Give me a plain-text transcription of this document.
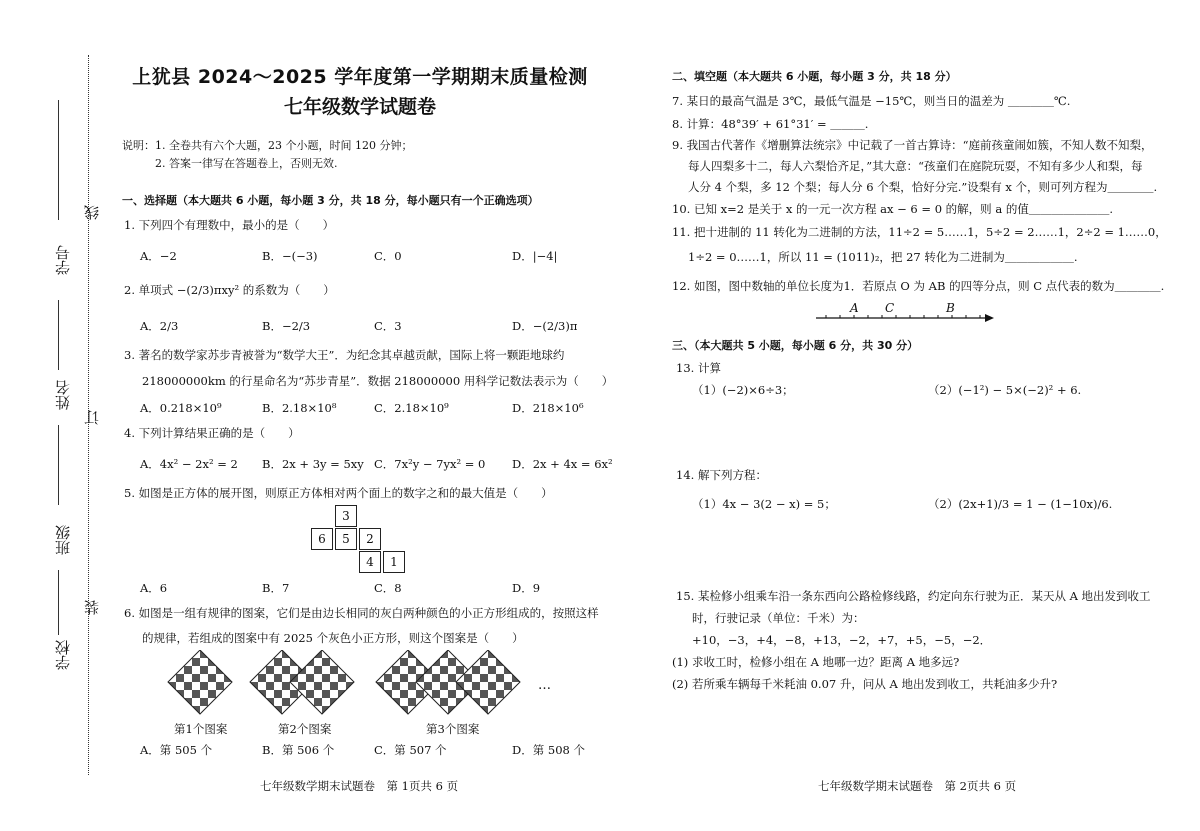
线
订
装
学号
姓名
班级
学校
上犹县 2024～2025 学年度第一学期期末质量检测
七年级数学试题卷
说明：1. 全卷共有六个大题，23 个小题，时间 120 分钟；
2. 答案一律写在答题卷上，否则无效.
一、选择题（本大题共 6 小题，每小题 3 分，共 18 分，每小题只有一个正确选项）
1. 下列四个有理数中，最小的是（　　）
A．−2	B．−(−3)	C．0	D．|−4|
2. 单项式 −(2/3)πxy² 的系数为（　　）
A．2/3	B．−2/3	C．3	D．−(2/3)π
3. 著名的数学家苏步青被誉为“数学大王”．为纪念其卓越贡献，国际上将一颗距地球约
218000000km 的行星命名为“苏步青星”．数据 218000000 用科学记数法表示为（　　）
A．0.218×10⁹	B．2.18×10⁸	C．2.18×10⁹	D．218×10⁶
4. 下列计算结果正确的是（　　）
A．4x² − 2x² = 2 B．2x + 3y = 5xy C．7x²y − 7yx² = 0 D．2x + 4x = 6x²
5. 如图是正方体的展开图，则原正方体相对两个面上的数字之和的最大值是（　　）
3
6	5	2
4	1
A．6	B．7	C．8	D．9
6. 如图是一组有规律的图案，它们是由边长相同的灰白两种颜色的小正方形组成的，按照这样
的规律，若组成的图案中有 2025 个灰色小正方形，则这个图案是（　　）
…
第1个图案	第2个图案	第3个图案
A．第 505 个	B．第 506 个	C．第 507 个	D．第 508 个
七年级数学期末试题卷　第 1页共 6 页
二、填空题（本大题共 6 小题，每小题 3 分，共 18 分）
7. 某日的最高气温是 3℃，最低气温是 −15℃，则当日的温差为 ＿＿＿＿℃.
8. 计算：48°39′ + 61°31′ = ＿＿＿.
9. 我国古代著作《增删算法统宗》中记载了一首古算诗：“庭前孩童闹如簇，不知人数不知梨，
每人四梨多十二，每人六梨恰齐足，”其大意：“孩童们在庭院玩耍，不知有多少人和梨，每
人分 4 个梨，多 12 个梨；每人分 6 个梨，恰好分完.”设梨有 x 个，则可列方程为＿＿＿＿.
10. 已知 x=2 是关于 x 的一元一次方程 ax − 6 = 0 的解，则 a 的值＿＿＿＿＿＿＿.
11. 把十进制的 11 转化为二进制的方法，11÷2 = 5……1，5÷2 = 2……1，2÷2 = 1……0，
1÷2 = 0……1，所以 11 = (1011)₂，把 27 转化为二进制为＿＿＿＿＿＿.
12. 如图，图中数轴的单位长度为1．若原点 O 为 AB 的四等分点，则 C 点代表的数为＿＿＿＿.
A C	B
三、（本大题共 5 小题，每小题 6 分，共 30 分）
13. 计算
（1）(−2)×6÷3；	（2）(−1²) − 5×(−2)² + 6.
14. 解下列方程：
（1）4x − 3(2 − x) = 5；	（2）(2x+1)/3 = 1 − (1−10x)/6.
15. 某检修小组乘车沿一条东西向公路检修线路，约定向东行驶为正．某天从 A 地出发到收工
时，行驶记录（单位：千米）为：
+10，−3，+4，−8，+13，−2，+7，+5，−5，−2．
(1) 求收工时，检修小组在 A 地哪一边？距离 A 地多远?
(2) 若所乘车辆每千米耗油 0.07 升，问从 A 地出发到收工，共耗油多少升?
七年级数学期末试题卷　第 2页共 6 页
